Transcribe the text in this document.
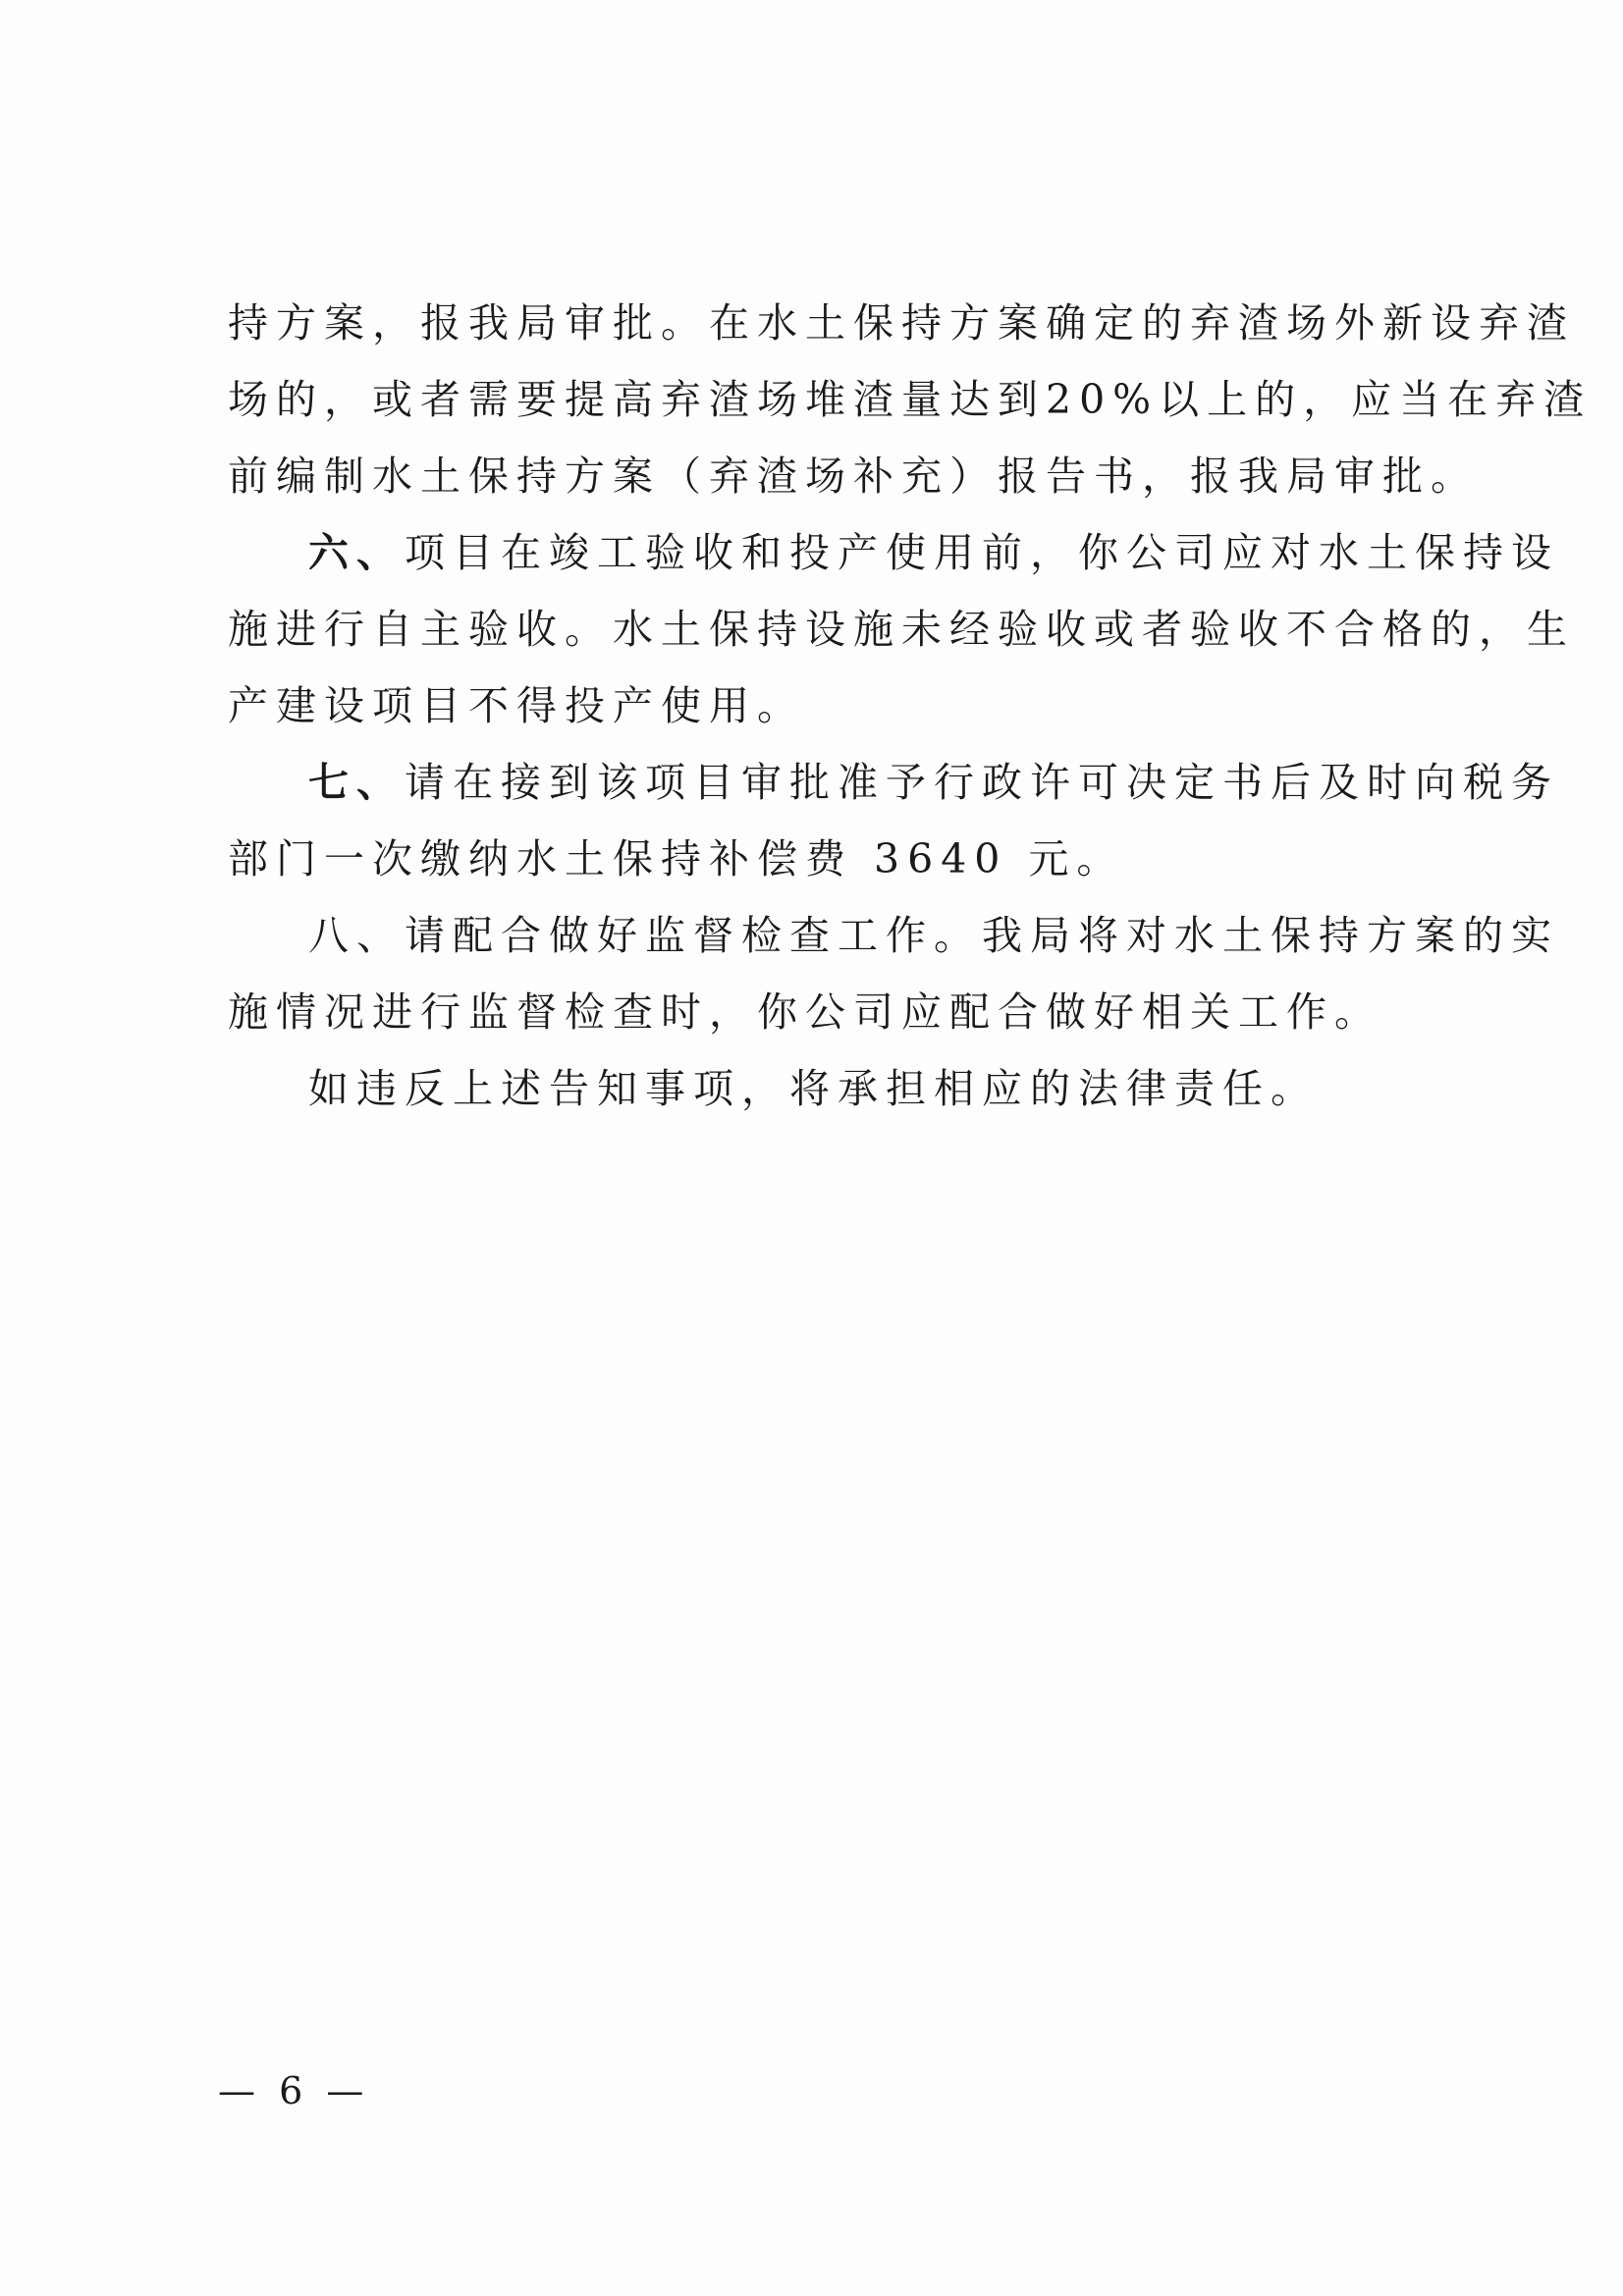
持方案，报我局审批。在水土保持方案确定的弃渣场外新设弃渣
场的，或者需要提高弃渣场堆渣量达到20%以上的，应当在弃渣
前编制水土保持方案（弃渣场补充）报告书，报我局审批。
六、项目在竣工验收和投产使用前，你公司应对水土保持设
施进行自主验收。水土保持设施未经验收或者验收不合格的，生
产建设项目不得投产使用。
七、请在接到该项目审批准予行政许可决定书后及时向税务
部门一次缴纳水土保持补偿费 3640 元。
八、请配合做好监督检查工作。我局将对水土保持方案的实
施情况进行监督检查时，你公司应配合做好相关工作。
如违反上述告知事项，将承担相应的法律责任。
— 6 —
